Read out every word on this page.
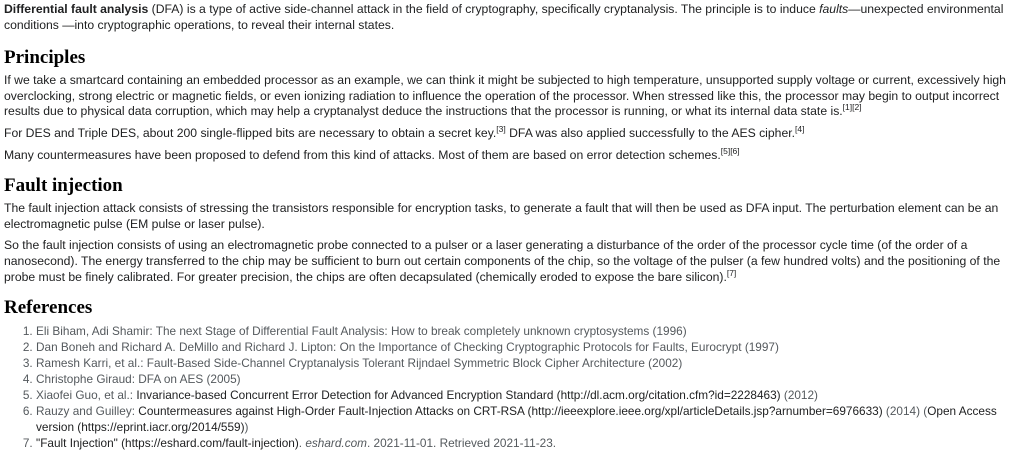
Differential fault analysis (DFA) is a type of active side-channel attack in the field of cryptography, specifically cryptanalysis. The principle is to induce faults—unexpected environmental conditions —into cryptographic operations, to reveal their internal states.

Principles

If we take a smartcard containing an embedded processor as an example, we can think it might be subjected to high temperature, unsupported supply voltage or current, excessively high overclocking, strong electric or magnetic fields, or even ionizing radiation to influence the operation of the processor. When stressed like this, the processor may begin to output incorrect results due to physical data corruption, which may help a cryptanalyst deduce the instructions that the processor is running, or what its internal data state is.[1][2]

For DES and Triple DES, about 200 single-flipped bits are necessary to obtain a secret key.[3] DFA was also applied successfully to the AES cipher.[4]

Many countermeasures have been proposed to defend from this kind of attacks. Most of them are based on error detection schemes.[5][6]

Fault injection

The fault injection attack consists of stressing the transistors responsible for encryption tasks, to generate a fault that will then be used as DFA input. The perturbation element can be an electromagnetic pulse (EM pulse or laser pulse).

So the fault injection consists of using an electromagnetic probe connected to a pulser or a laser generating a disturbance of the order of the processor cycle time (of the order of a nanosecond). The energy transferred to the chip may be sufficient to burn out certain components of the chip, so the voltage of the pulser (a few hundred volts) and the positioning of the probe must be finely calibrated. For greater precision, the chips are often decapsulated (chemically eroded to expose the bare silicon).[7]

References
1. Eli Biham, Adi Shamir: The next Stage of Differential Fault Analysis: How to break completely unknown cryptosystems (1996)
2. Dan Boneh and Richard A. DeMillo and Richard J. Lipton: On the Importance of Checking Cryptographic Protocols for Faults, Eurocrypt (1997)
3. Ramesh Karri, et al.: Fault-Based Side-Channel Cryptanalysis Tolerant Rijndael Symmetric Block Cipher Architecture (2002)
4. Christophe Giraud: DFA on AES (2005)
5. Xiaofei Guo, et al.: Invariance-based Concurrent Error Detection for Advanced Encryption Standard (http://dl.acm.org/citation.cfm?id=2228463) (2012)
6. Rauzy and Guilley: Countermeasures against High-Order Fault-Injection Attacks on CRT-RSA (http://ieeexplore.ieee.org/xpl/articleDetails.jsp?arnumber=6976633) (2014) (Open Access version (https://eprint.iacr.org/2014/559))
7. "Fault Injection" (https://eshard.com/fault-injection). eshard.com. 2021-11-01. Retrieved 2021-11-23.
